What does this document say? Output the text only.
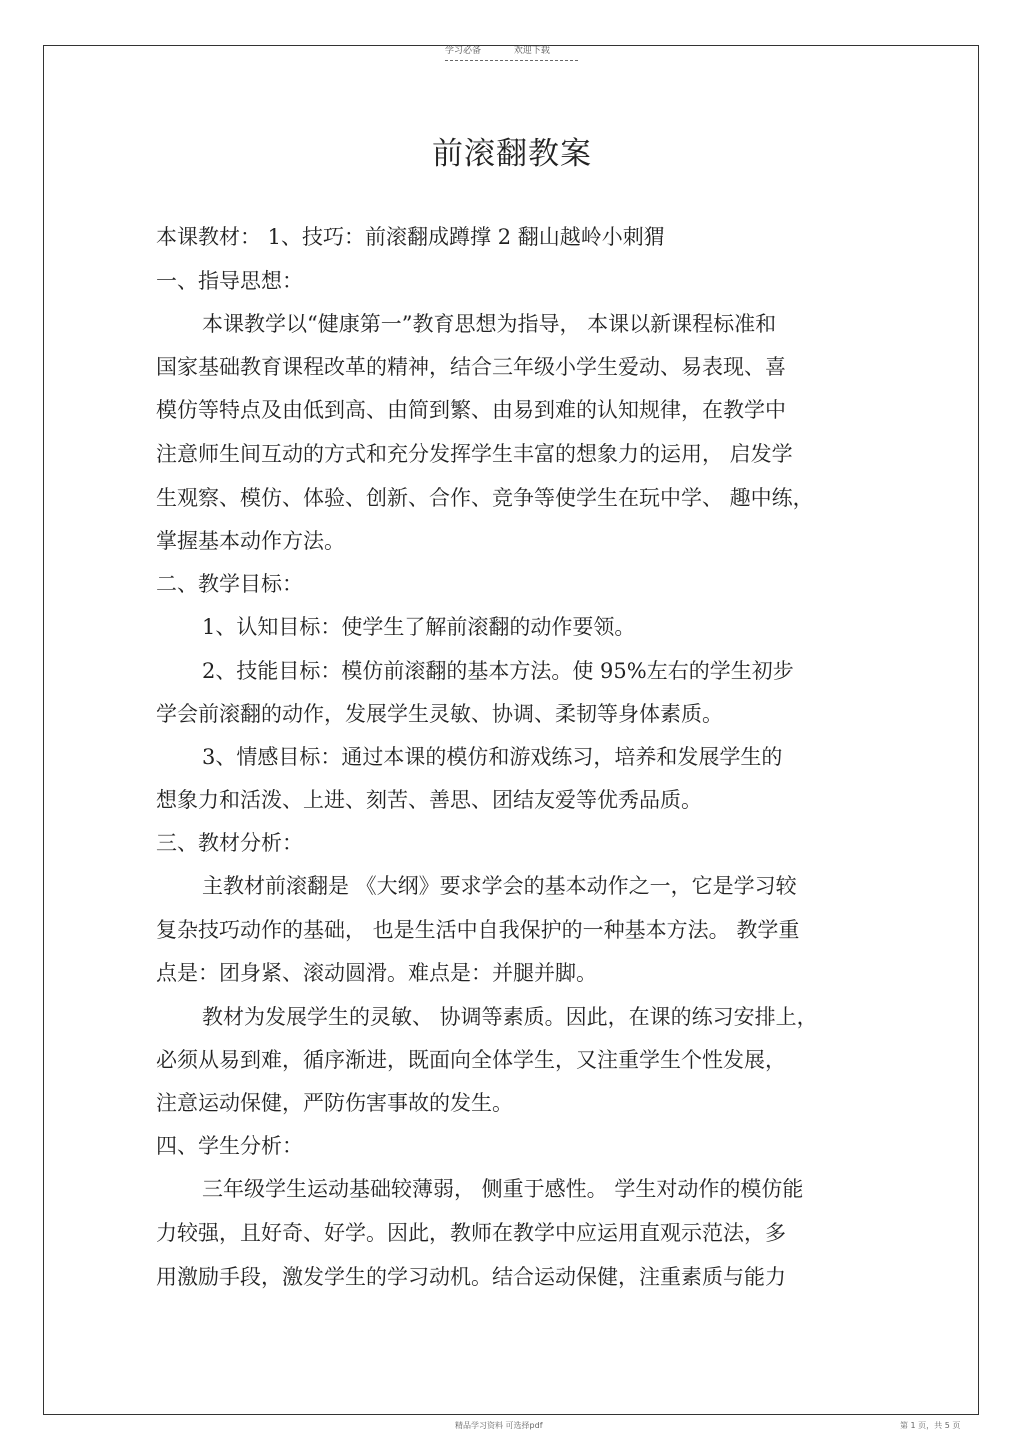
学习必备	欢迎下载
前滚翻教案
本课教材： 1、技巧：前滚翻成蹲撑 2 翻山越岭小刺猬
一、指导思想：
本课教学以“健康第一”教育思想为指导， 本课以新课程标准和
国家基础教育课程改革的精神，结合三年级小学生爱动、易表现、喜
模仿等特点及由低到高、由简到繁、由易到难的认知规律，在教学中
注意师生间互动的方式和充分发挥学生丰富的想象力的运用， 启发学
生观察、模仿、体验、创新、合作、竞争等使学生在玩中学、 趣中练，
掌握基本动作方法。
二、教学目标：
1、认知目标：使学生了解前滚翻的动作要领。
2、技能目标：模仿前滚翻的基本方法。使 95%左右的学生初步
学会前滚翻的动作，发展学生灵敏、协调、柔韧等身体素质。
3、情感目标：通过本课的模仿和游戏练习，培养和发展学生的
想象力和活泼、上进、刻苦、善思、团结友爱等优秀品质。
三、教材分析：
主教材前滚翻是 《大纲》要求学会的基本动作之一，它是学习较
复杂技巧动作的基础， 也是生活中自我保护的一种基本方法。 教学重
点是：团身紧、滚动圆滑。难点是：并腿并脚。
教材为发展学生的灵敏、 协调等素质。因此，在课的练习安排上，
必须从易到难，循序渐进，既面向全体学生，又注重学生个性发展，
注意运动保健，严防伤害事故的发生。
四、学生分析：
三年级学生运动基础较薄弱， 侧重于感性。 学生对动作的模仿能
力较强，且好奇、好学。因此，教师在教学中应运用直观示范法，多
用激励手段，激发学生的学习动机。结合运动保健，注重素质与能力
精品学习资料 可选择pdf	第 1 页，共 5 页
